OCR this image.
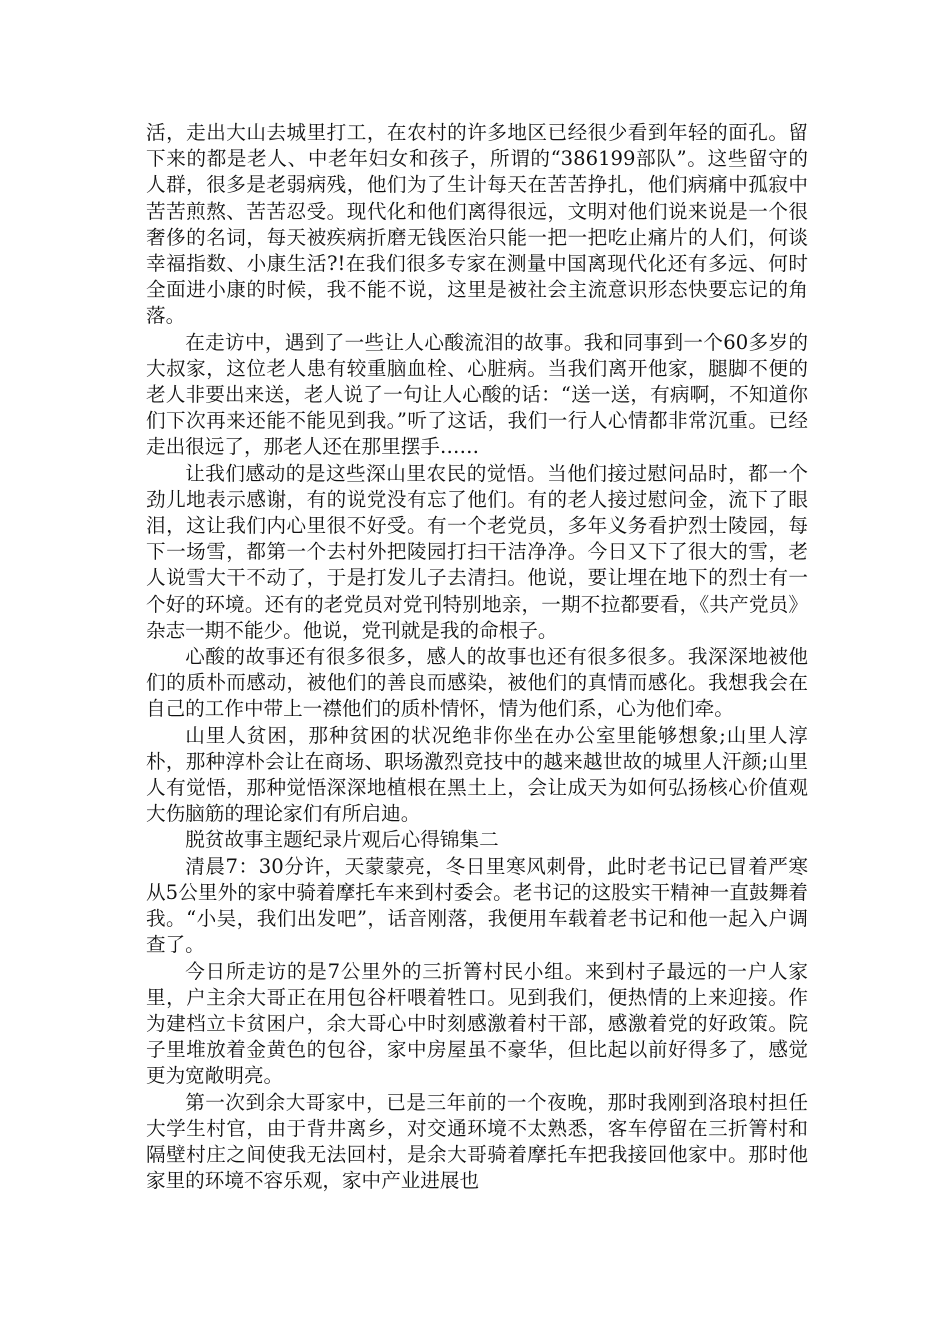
活，走出大山去城里打工，在农村的许多地区已经很少看到年轻的面孔。留下来的都是老人、中老年妇女和孩子，所谓的“386199部队”。这些留守的人群，很多是老弱病残，他们为了生计每天在苦苦挣扎，他们病痛中孤寂中苦苦煎熬、苦苦忍受。现代化和他们离得很远，文明对他们说来说是一个很奢侈的名词，每天被疾病折磨无钱医治只能一把一把吃止痛片的人们，何谈幸福指数、小康生活?!在我们很多专家在测量中国离现代化还有多远、何时全面进小康的时候，我不能不说，这里是被社会主流意识形态快要忘记的角落。

在走访中，遇到了一些让人心酸流泪的故事。我和同事到一个60多岁的大叔家，这位老人患有较重脑血栓、心脏病。当我们离开他家，腿脚不便的老人非要出来送，老人说了一句让人心酸的话：“送一送，有病啊，不知道你们下次再来还能不能见到我。”听了这话，我们一行人心情都非常沉重。已经走出很远了，那老人还在那里摆手……

让我们感动的是这些深山里农民的觉悟。当他们接过慰问品时，都一个劲儿地表示感谢，有的说党没有忘了他们。有的老人接过慰问金，流下了眼泪，这让我们内心里很不好受。有一个老党员，多年义务看护烈士陵园，每下一场雪，都第一个去村外把陵园打扫干洁净净。今日又下了很大的雪，老人说雪大干不动了，于是打发儿子去清扫。他说，要让埋在地下的烈士有一个好的环境。还有的老党员对党刊特别地亲，一期不拉都要看，《共产党员》杂志一期不能少。他说，党刊就是我的命根子。

心酸的故事还有很多很多，感人的故事也还有很多很多。我深深地被他们的质朴而感动，被他们的善良而感染，被他们的真情而感化。我想我会在自己的工作中带上一襟他们的质朴情怀，情为他们系，心为他们牵。

山里人贫困，那种贫困的状况绝非你坐在办公室里能够想象;山里人淳朴，那种淳朴会让在商场、职场激烈竞技中的越来越世故的城里人汗颜;山里人有觉悟，那种觉悟深深地植根在黑土上，会让成天为如何弘扬核心价值观大伤脑筋的理论家们有所启迪。

脱贫故事主题纪录片观后心得锦集二

清晨7：30分许，天蒙蒙亮，冬日里寒风刺骨，此时老书记已冒着严寒从5公里外的家中骑着摩托车来到村委会。老书记的这股实干精神一直鼓舞着我。“小吴，我们出发吧”，话音刚落，我便用车载着老书记和他一起入户调查了。

今日所走访的是7公里外的三折箐村民小组。来到村子最远的一户人家里，户主余大哥正在用包谷杆喂着牲口。见到我们，便热情的上来迎接。作为建档立卡贫困户，余大哥心中时刻感激着村干部，感激着党的好政策。院子里堆放着金黄色的包谷，家中房屋虽不豪华，但比起以前好得多了，感觉更为宽敞明亮。

第一次到余大哥家中，已是三年前的一个夜晚，那时我刚到洛琅村担任大学生村官，由于背井离乡，对交通环境不太熟悉，客车停留在三折箐村和隔壁村庄之间使我无法回村，是余大哥骑着摩托车把我接回他家中。那时他家里的环境不容乐观，家中产业进展也
